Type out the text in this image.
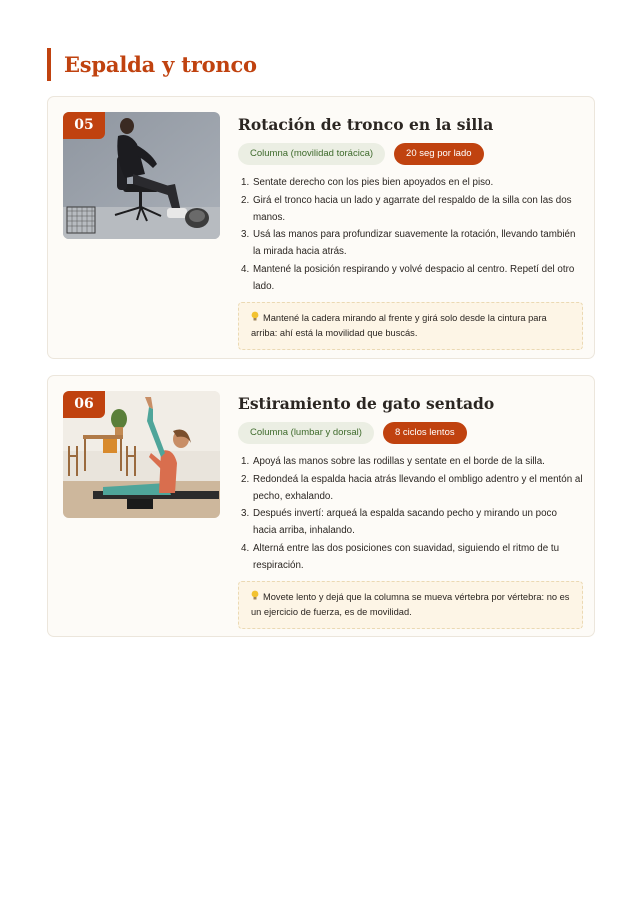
Espalda y tronco
05	Rotación de tronco en la silla
Columna (movilidad torácica)	20 seg por lado
1. Sentate derecho con los pies bien apoyados en el piso.
2. Girá el tronco hacia un lado y agarrate del respaldo de la silla con las dos manos.
3. Usá las manos para profundizar suavemente la rotación, llevando también la mirada hacia atrás.
4. Mantené la posición respirando y volvé despacio al centro. Repetí del otro lado.
Mantené la cadera mirando al frente y girá solo desde la cintura para arriba: ahí está la movilidad que buscás.
06	Estiramiento de gato sentado
Columna (lumbar y dorsal)	8 ciclos lentos
1. Apoyá las manos sobre las rodillas y sentate en el borde de la silla.
2. Redondeá la espalda hacia atrás llevando el ombligo adentro y el mentón al pecho, exhalando.
3. Después invertí: arqueá la espalda sacando pecho y mirando un poco hacia arriba, inhalando.
4. Alterná entre las dos posiciones con suavidad, siguiendo el ritmo de tu respiración.
Movete lento y dejá que la columna se mueva vértebra por vértebra: no es un ejercicio de fuerza, es de movilidad.
